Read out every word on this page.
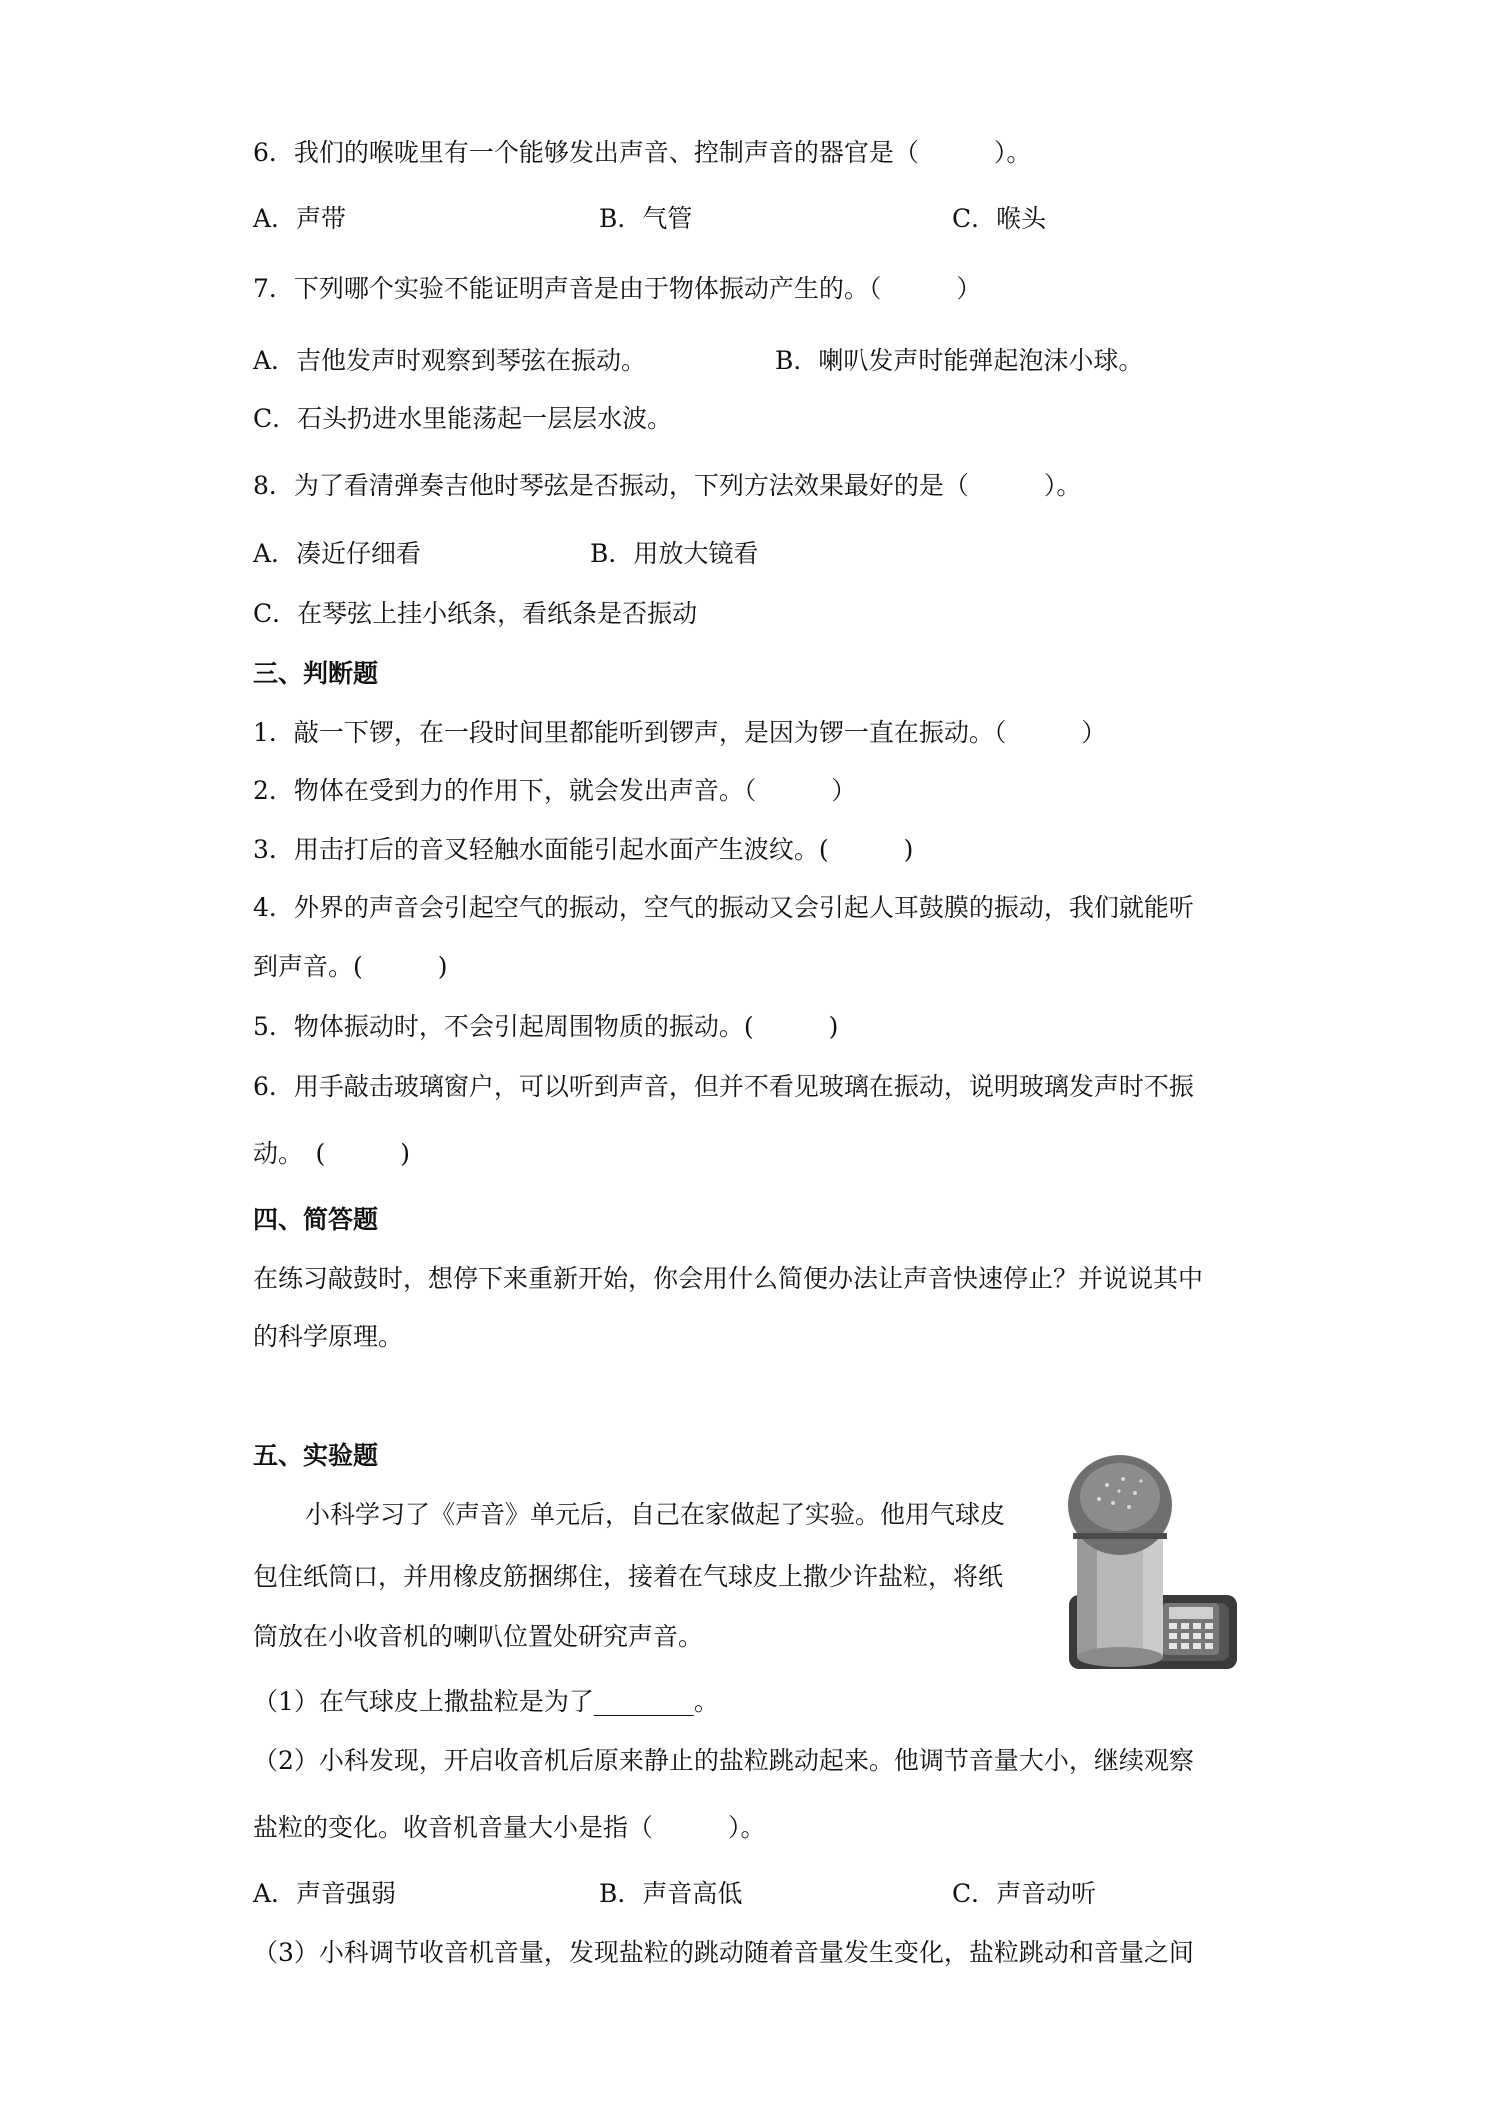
6．我们的喉咙里有一个能够发出声音、控制声音的器官是（　　　）。
A．声带	B．气管	C．喉头
7．下列哪个实验不能证明声音是由于物体振动产生的。（　　　）
A．吉他发声时观察到琴弦在振动。	B．喇叭发声时能弹起泡沫小球。
C．石头扔进水里能荡起一层层水波。
8．为了看清弹奏吉他时琴弦是否振动，下列方法效果最好的是（　　　）。
A．凑近仔细看	B．用放大镜看
C．在琴弦上挂小纸条，看纸条是否振动
三、判断题
1．敲一下锣，在一段时间里都能听到锣声，是因为锣一直在振动。（　　　）
2．物体在受到力的作用下，就会发出声音。（　　　）
3．用击打后的音叉轻触水面能引起水面产生波纹。(　　　)
4．外界的声音会引起空气的振动，空气的振动又会引起人耳鼓膜的振动，我们就能听
到声音。(　　　)
5．物体振动时，不会引起周围物质的振动。(　　　)
6．用手敲击玻璃窗户，可以听到声音，但并不看见玻璃在振动，说明玻璃发声时不振
动。　(　　　)
四、简答题
在练习敲鼓时，想停下来重新开始，你会用什么简便办法让声音快速停止？并说说其中
的科学原理。
五、实验题
小科学习了《声音》单元后，自己在家做起了实验。他用气球皮
包住纸筒口，并用橡皮筋捆绑住，接着在气球皮上撒少许盐粒，将纸
筒放在小收音机的喇叭位置处研究声音。
（1）在气球皮上撒盐粒是为了________。
（2）小科发现，开启收音机后原来静止的盐粒跳动起来。他调节音量大小，继续观察
盐粒的变化。收音机音量大小是指（　　　）。
A．声音强弱	B．声音高低	C．声音动听
（3）小科调节收音机音量，发现盐粒的跳动随着音量发生变化，盐粒跳动和音量之间
